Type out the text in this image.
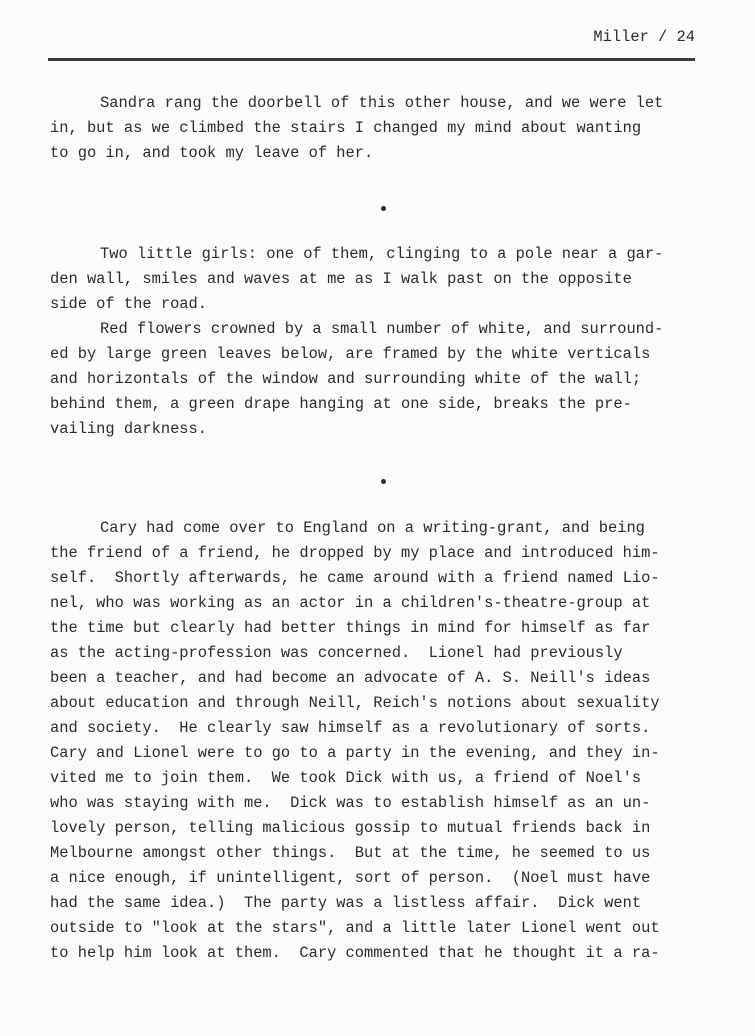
Miller / 24

Sandra rang the doorbell of this other house, and we were let

in, but as we climbed the stairs I changed my mind about wanting

to go in, and took my leave of her.

Two little girls: one of them, clinging to a pole near a gar-

den wall, smiles and waves at me as I walk past on the opposite

side of the road.

Red flowers crowned by a small number of white, and surround-

ed by large green leaves below, are framed by the white verticals

and horizontals of the window and surrounding white of the wall;

behind them, a green drape hanging at one side, breaks the pre-

vailing darkness.

Cary had come over to England on a writing-grant, and being

the friend of a friend, he dropped by my place and introduced him-

self.  Shortly afterwards, he came around with a friend named Lio-

nel, who was working as an actor in a children's-theatre-group at

the time but clearly had better things in mind for himself as far

as the acting-profession was concerned.  Lionel had previously

been a teacher, and had become an advocate of A. S. Neill's ideas

about education and through Neill, Reich's notions about sexuality

and society.  He clearly saw himself as a revolutionary of sorts.

Cary and Lionel were to go to a party in the evening, and they in-

vited me to join them.  We took Dick with us, a friend of Noel's

who was staying with me.  Dick was to establish himself as an un-

lovely person, telling malicious gossip to mutual friends back in

Melbourne amongst other things.  But at the time, he seemed to us

a nice enough, if unintelligent, sort of person.  (Noel must have

had the same idea.)  The party was a listless affair.  Dick went

outside to "look at the stars", and a little later Lionel went out

to help him look at them.  Cary commented that he thought it a ra-
